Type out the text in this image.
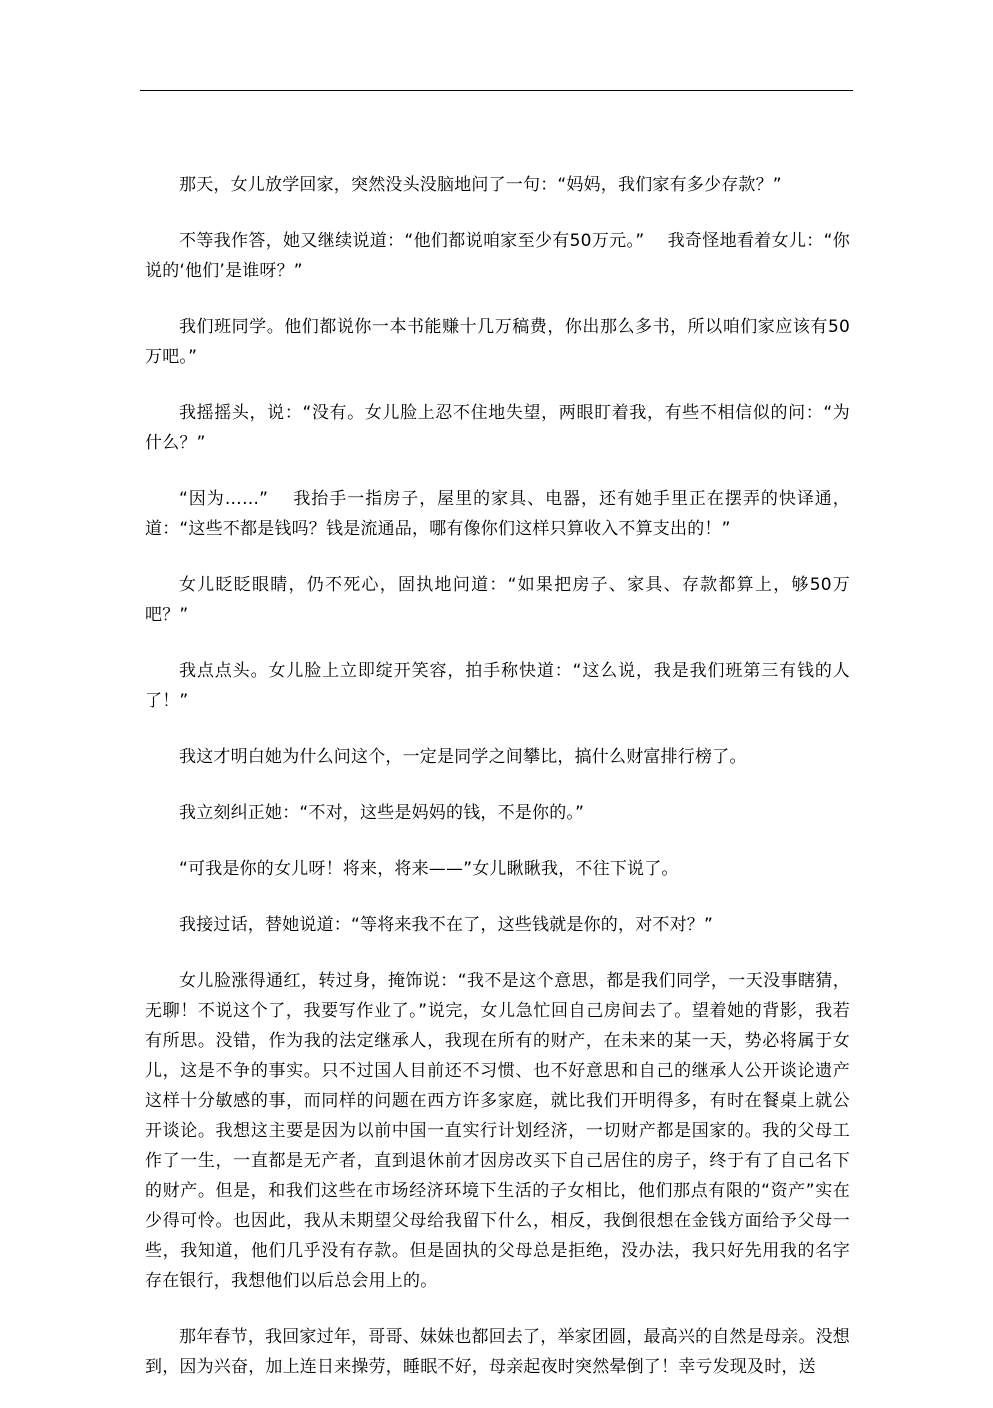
那天，女儿放学回家，突然没头没脑地问了一句：“妈妈，我们家有多少存款？”

不等我作答，她又继续说道：“他们都说咱家至少有50万元。”　 我奇怪地看着女儿：“你说的‘他们’是谁呀？”

我们班同学。他们都说你一本书能赚十几万稿费，你出那么多书，所以咱们家应该有50万吧。”

我摇摇头，说：“没有。女儿脸上忍不住地失望，两眼盯着我，有些不相信似的问：“为什么？”

“因为……”　 我抬手一指房子，屋里的家具、电器，还有她手里正在摆弄的快译通，道：“这些不都是钱吗？钱是流通品，哪有像你们这样只算收入不算支出的！”

女儿眨眨眼睛，仍不死心，固执地问道：“如果把房子、家具、存款都算上，够50万吧？”

我点点头。女儿脸上立即绽开笑容，拍手称快道：“这么说，我是我们班第三有钱的人了！”

我这才明白她为什么问这个，一定是同学之间攀比，搞什么财富排行榜了。

我立刻纠正她：“不对，这些是妈妈的钱，不是你的。”

“可我是你的女儿呀！将来，将来——”女儿瞅瞅我，不往下说了。

我接过话，替她说道：“等将来我不在了，这些钱就是你的，对不对？”

女儿脸涨得通红，转过身，掩饰说：“我不是这个意思，都是我们同学，一天没事瞎猜，无聊！不说这个了，我要写作业了。”说完，女儿急忙回自己房间去了。望着她的背影，我若有所思。没错，作为我的法定继承人，我现在所有的财产，在未来的某一天，势必将属于女儿，这是不争的事实。只不过国人目前还不习惯、也不好意思和自己的继承人公开谈论遗产这样十分敏感的事，而同样的问题在西方许多家庭，就比我们开明得多，有时在餐桌上就公开谈论。我想这主要是因为以前中国一直实行计划经济，一切财产都是国家的。我的父母工作了一生，一直都是无产者，直到退休前才因房改买下自己居住的房子，终于有了自己名下的财产。但是，和我们这些在市场经济环境下生活的子女相比，他们那点有限的“资产”实在少得可怜。也因此，我从未期望父母给我留下什么，相反，我倒很想在金钱方面给予父母一些，我知道，他们几乎没有存款。但是固执的父母总是拒绝，没办法，我只好先用我的名字存在银行，我想他们以后总会用上的。

那年春节，我回家过年，哥哥、妹妹也都回去了，举家团圆，最高兴的自然是母亲。没想到，因为兴奋，加上连日来操劳，睡眠不好，母亲起夜时突然晕倒了！幸亏发现及时，送
